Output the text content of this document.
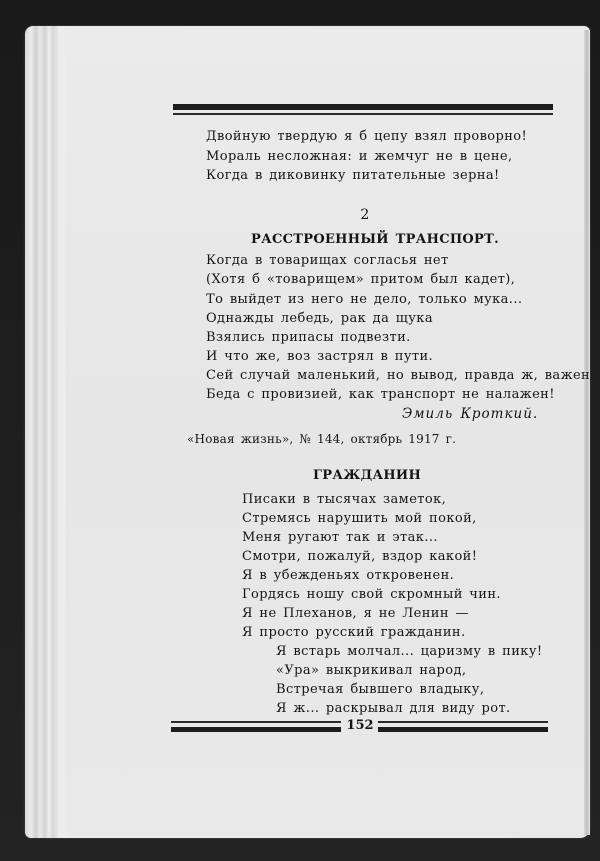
Двойную твердую я б цепу взял проворно!
Мораль несложная: и жемчуг не в цене,
Когда в диковинку питательные зерна!
2
РАССТРОЕННЫЙ ТРАНСПОРТ.
Когда в товарищах согласья нет
(Хотя б «товарищем» притом был кадет),
То выйдет из него не дело, только мука...
Однажды лебедь, рак да щука
Взялись припасы подвезти.
И что же, воз застрял в пути.
Сей случай маленький, но вывод, правда ж, важен:
Беда с провизией, как транспорт не налажен!
Эмиль Кроткий.
«Новая жизнь», № 144, октябрь 1917 г.
ГРАЖДАНИН
Писаки в тысячах заметок,
Стремясь нарушить мой покой,
Меня ругают так и этак...
Смотри, пожалуй, вздор какой!
Я в убежденьях откровенен.
Гордясь ношу свой скромный чин.
Я не Плеханов, я не Ленин —
Я просто русский гражданин.
Я встарь молчал... царизму в пику!
«Ура» выкрикивал народ,
Встречая бывшего владыку,
Я ж... раскрывал для виду рот.
152
